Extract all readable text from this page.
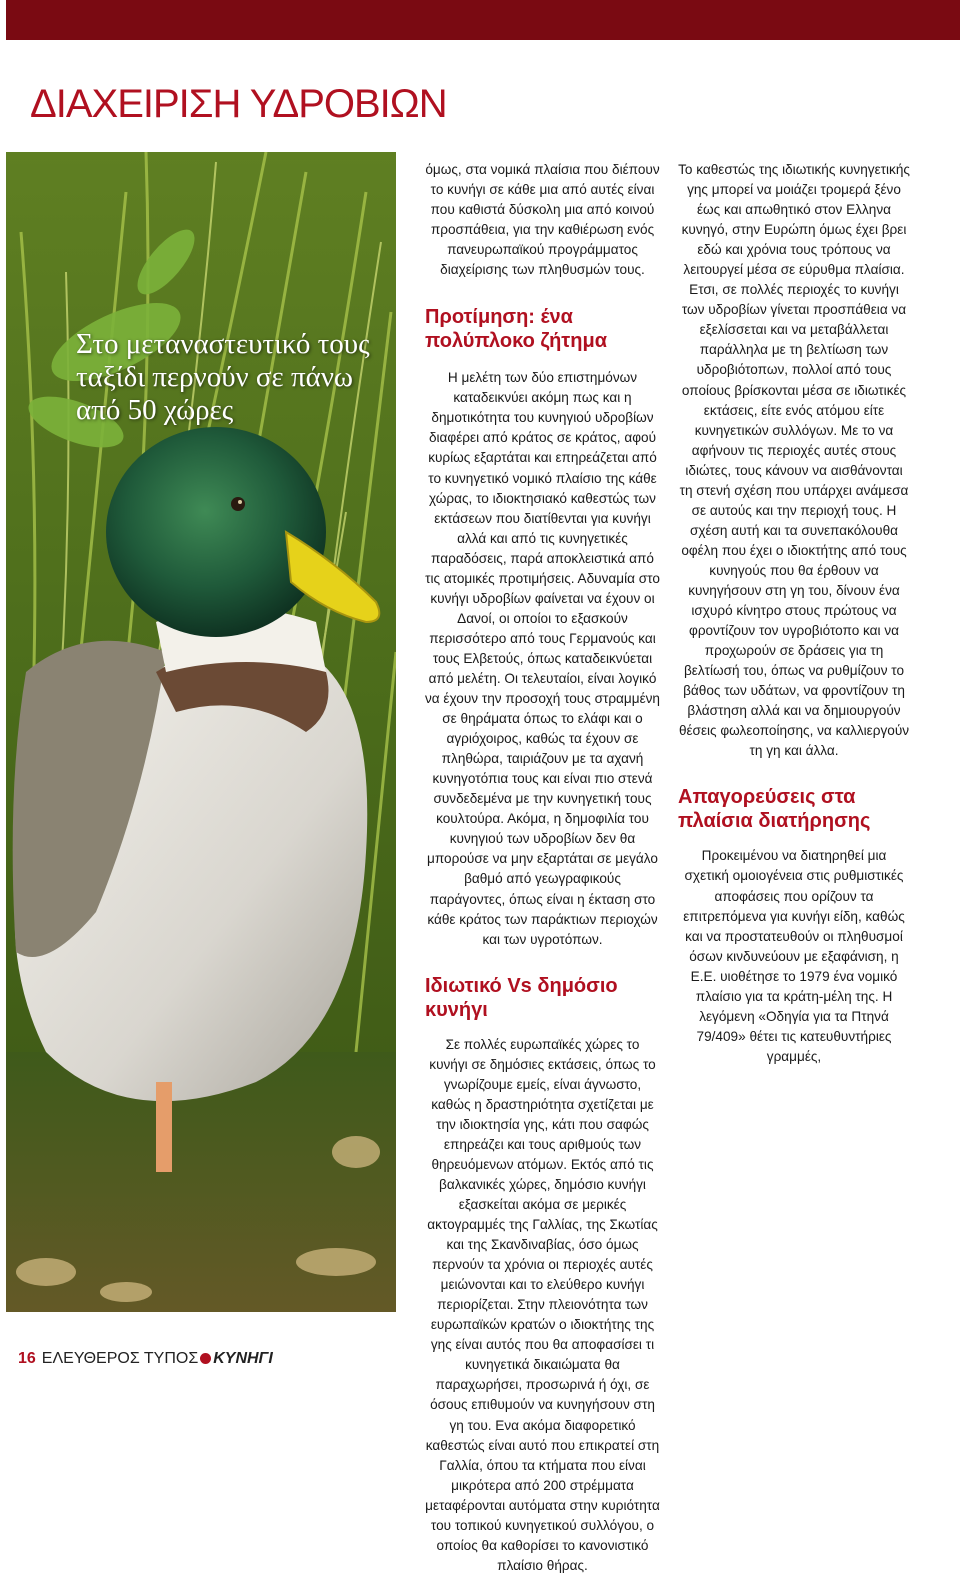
ΔΙΑΧΕΙΡΙΣΗ ΥΔΡΟΒΙΩΝ
Στο μεταναστευτικό τους ταξίδι περνούν σε πάνω από 50 χώρες

όμως, στα νομικά πλαίσια που διέπουν το κυνήγι σε κάθε μια από αυτές είναι που καθιστά δύσκολη μια από κοινού προσπάθεια, για την καθιέρωση ενός πανευρωπαϊκού προγράμματος διαχείρισης των πληθυσμών τους.

Προτίμηση: ένα πολύπλοκο ζήτημα

Η μελέτη των δύο επιστημόνων καταδεικνύει ακόμη πως και η δημοτικότητα του κυνηγιού υδροβίων διαφέρει από κράτος σε κράτος, αφού κυρίως εξαρτάται και επηρεάζεται από το κυνηγετικό νομικό πλαίσιο της κάθε χώρας, το ιδιοκτησιακό καθεστώς των εκτάσεων που διατίθενται για κυνήγι αλλά και από τις κυνηγετικές παραδόσεις, παρά αποκλειστικά από τις ατομικές προτιμήσεις. Αδυναμία στο κυνήγι υδροβίων φαίνεται να έχουν οι Δανοί, οι οποίοι το εξασκούν περισσότερο από τους Γερμανούς και τους Ελβετούς, όπως καταδεικνύεται από μελέτη. Οι τελευταίοι, είναι λογικό να έχουν την προσοχή τους στραμμένη σε θηράματα όπως το ελάφι και ο αγριόχοιρος, καθώς τα έχουν σε πληθώρα, ταιριάζουν με τα αχανή κυνηγοτόπια τους και είναι πιο στενά συνδεδεμένα με την κυνηγετική τους κουλτούρα. Ακόμα, η δημοφιλία του κυνηγιού των υδροβίων δεν θα μπορούσε να μην εξαρτάται σε μεγάλο βαθμό από γεωγραφικούς παράγοντες, όπως είναι η έκταση στο κάθε κράτος των παράκτιων περιοχών και των υγροτόπων.

Ιδιωτικό Vs δημόσιο κυνήγι

Σε πολλές ευρωπαϊκές χώρες το κυνήγι σε δημόσιες εκτάσεις, όπως το γνωρίζουμε εμείς, είναι άγνωστο, καθώς η δραστηριότητα σχετίζεται με την ιδιοκτησία γης, κάτι που σαφώς επηρεάζει και τους αριθμούς των θηρευόμενων ατόμων. Εκτός από τις βαλκανικές χώρες, δημόσιο κυνήγι εξασκείται ακόμα σε μερικές ακτογραμμές της Γαλλίας, της Σκωτίας και της Σκανδιναβίας, όσο όμως περνούν τα χρόνια οι περιοχές αυτές μειώνονται και το ελεύθερο κυνήγι περιορίζεται. Στην πλειονότητα των ευρωπαϊκών κρατών ο ιδιοκτήτης της γης είναι αυτός που θα αποφασίσει τι κυνηγετικά δικαιώματα θα παραχωρήσει, προσωρινά ή όχι, σε όσους επιθυμούν να κυνηγήσουν στη γη του. Ενα ακόμα διαφορετικό καθεστώς είναι αυτό που επικρατεί στη Γαλλία, όπου τα κτήματα που είναι μικρότερα από 200 στρέμματα μεταφέρονται αυτόματα στην κυριότητα του τοπικού κυνηγετικού συλλόγου, ο οποίος θα καθορίσει το κανονιστικό πλαίσιο θήρας.

Το καθεστώς της ιδιωτικής κυνηγετικής γης μπορεί να μοιάζει τρομερά ξένο έως και απωθητικό στον Ελληνα κυνηγό, στην Ευρώπη όμως έχει βρει εδώ και χρόνια τους τρόπους να λειτουργεί μέσα σε εύρυθμα πλαίσια. Ετσι, σε πολλές περιοχές το κυνήγι των υδροβίων γίνεται προσπάθεια να εξελίσσεται και να μεταβάλλεται παράλληλα με τη βελτίωση των υδροβιότοπων, πολλοί από τους οποίους βρίσκονται μέσα σε ιδιωτικές εκτάσεις, είτε ενός ατόμου είτε κυνηγετικών συλλόγων. Με το να αφήνουν τις περιοχές αυτές στους ιδιώτες, τους κάνουν να αισθάνονται τη στενή σχέση που υπάρχει ανάμεσα σε αυτούς και την περιοχή τους. Η σχέση αυτή και τα συνεπακόλουθα οφέλη που έχει ο ιδιοκτήτης από τους κυνηγούς που θα έρθουν να κυνηγήσουν στη γη του, δίνουν ένα ισχυρό κίνητρο στους πρώτους να φροντίζουν τον υγροβιότοπο και να προχωρούν σε δράσεις για τη βελτίωσή του, όπως να ρυθμίζουν το βάθος των υδάτων, να φροντίζουν τη βλάστηση αλλά και να δημιουργούν θέσεις φωλεοποίησης, να καλλιεργούν τη γη και άλλα.

Απαγορεύσεις στα πλαίσια διατήρησης

Προκειμένου να διατηρηθεί μια σχετική ομοιογένεια στις ρυθμιστικές αποφάσεις που ορίζουν τα επιτρεπόμενα για κυνήγι είδη, καθώς και να προστατευθούν οι πληθυσμοί όσων κινδυνεύουν με εξαφάνιση, η Ε.Ε. υιοθέτησε το 1979 ένα νομικό πλαίσιο για τα κράτη-μέλη της. Η λεγόμενη «Οδηγία για τα Πτηνά 79/409» θέτει τις κατευθυντήριες γραμμές,

16 ΕΛΕΥΘΕΡΟΣ ΤΥΠΟΣ ΚΥΝΗΓΙ
